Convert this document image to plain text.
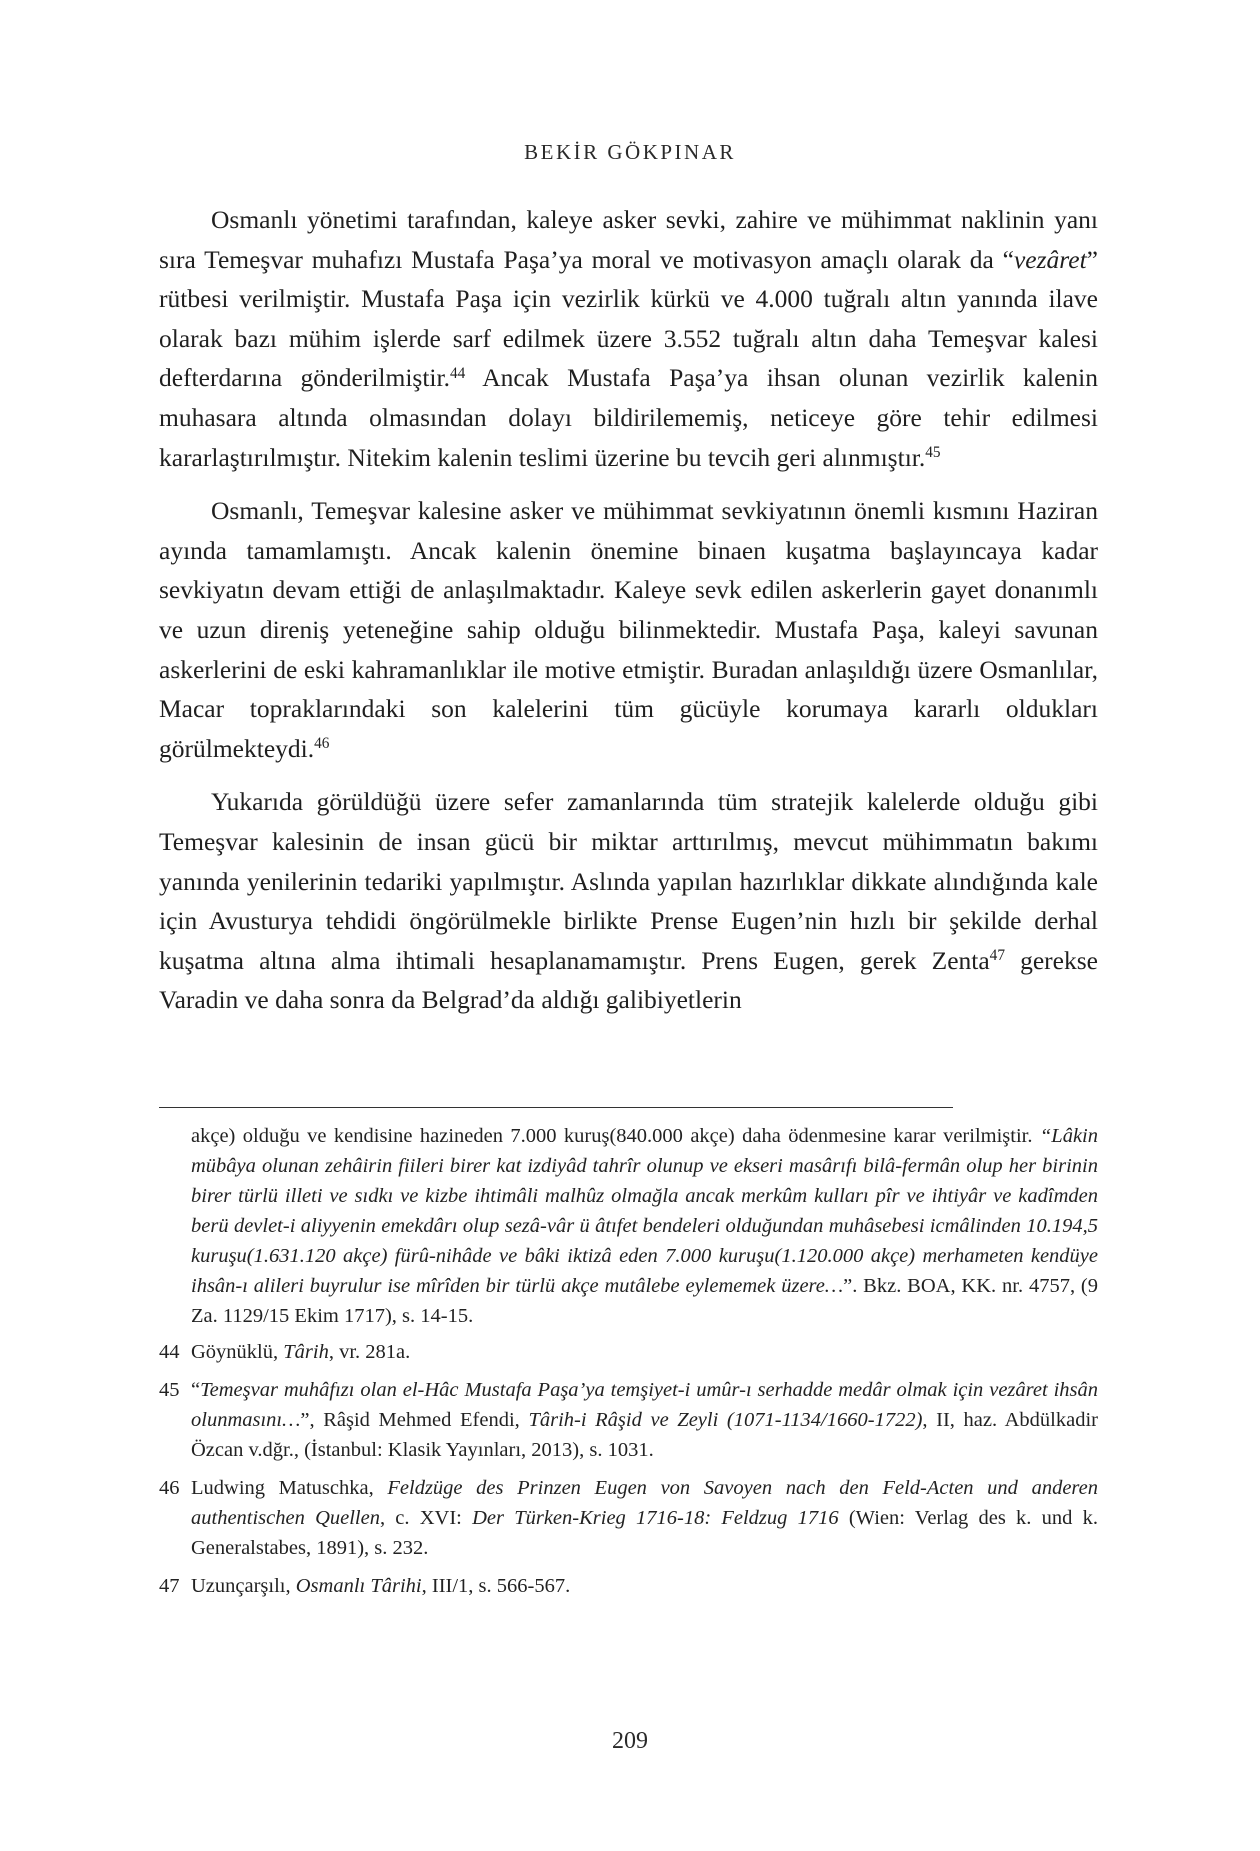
BEKİR GÖKPINAR

Osmanlı yönetimi tarafından, kaleye asker sevki, zahire ve mühimmat naklinin yanı sıra Temeşvar muhafızı Mustafa Paşa’ya moral ve motivasyon amaçlı olarak da “vezâret” rütbesi verilmiştir. Mustafa Paşa için vezirlik kürkü ve 4.000 tuğralı altın yanında ilave olarak bazı mühim işlerde sarf edilmek üzere 3.552 tuğralı altın daha Temeşvar kalesi defterdarına gönderilmiştir.$^{44}$ Ancak Mustafa Paşa’ya ihsan olunan vezirlik kalenin muhasara altında olmasından dolayı bildirilememiş, neticeye göre tehir edilmesi kararlaştırılmıştır. Nitekim kalenin teslimi üzerine bu tevcih geri alınmıştır.$^{45}$

Osmanlı, Temeşvar kalesine asker ve mühimmat sevkiyatının önemli kısmını Haziran ayında tamamlamıştı. Ancak kalenin önemine binaen kuşatma başlayıncaya kadar sevkiyatın devam ettiği de anlaşılmaktadır. Kaleye sevk edilen askerlerin gayet donanımlı ve uzun direniş yeteneğine sahip olduğu bilinmektedir. Mustafa Paşa, kaleyi savunan askerlerini de eski kahramanlıklar ile motive etmiştir. Buradan anlaşıldığı üzere Osmanlılar, Macar topraklarındaki son kalelerini tüm gücüyle korumaya kararlı oldukları görülmekteydi.$^{46}$

Yukarıda görüldüğü üzere sefer zamanlarında tüm stratejik kalelerde olduğu gibi Temeşvar kalesinin de insan gücü bir miktar arttırılmış, mevcut mühimmatın bakımı yanında yenilerinin tedariki yapılmıştır. Aslında yapılan hazırlıklar dikkate alındığında kale için Avusturya tehdidi öngörülmekle birlikte Prense Eugen’nin hızlı bir şekilde derhal kuşatma altına alma ihtimali hesaplanamamıştır. Prens Eugen, gerek Zenta$^{47}$ gerekse Varadin ve daha sonra da Belgrad’da aldığı galibiyetlerin

akçe) olduğu ve kendisine hazineden 7.000 kuruş(840.000 akçe) daha ödenmesine karar verilmiştir. “Lâkin mübâya olunan zehâirin fiileri birer kat izdiyâd tahrîr olunup ve ekseri masârıfı bilâ-fermân olup her birinin birer türlü illeti ve sıdkı ve kizbe ihtimâli malhûz olmağla ancak merkûm kulları pîr ve ihtiyâr ve kadîmden berü devlet-i aliyyenin emekdârı olup sezâ-vâr ü âtıfet bendeleri olduğundan muhâsebesi icmâlinden 10.194,5 kuruşu(1.631.120 akçe) fürû-nihâde ve bâki iktizâ eden 7.000 kuruşu(1.120.000 akçe) merhameten kendüye ihsân-ı alileri buyrulur ise mîrîden bir türlü akçe mutâlebe eylememek üzere…”. Bkz. BOA, KK. nr. 4757, (9 Za. 1129/15 Ekim 1717), s. 14-15.
44 Göynüklü, Târih, vr. 281a.
45 “Temeşvar muhâfızı olan el-Hâc Mustafa Paşa’ya temşiyet-i umûr-ı serhadde medâr olmak için vezâret ihsân olunmasını…”, Râşid Mehmed Efendi, Târih-i Râşid ve Zeyli (1071-1134/1660-1722), II, haz. Abdülkadir Özcan v.dğr., (İstanbul: Klasik Yayınları, 2013), s. 1031.
46 Ludwing Matuschka, Feldzüge des Prinzen Eugen von Savoyen nach den Feld-Acten und anderen authentischen Quellen, c. XVI: Der Türken-Krieg 1716-18: Feldzug 1716 (Wien: Verlag des k. und k. Generalstabes, 1891), s. 232.
47 Uzunçarşılı, Osmanlı Târihi, III/1, s. 566-567.
209
